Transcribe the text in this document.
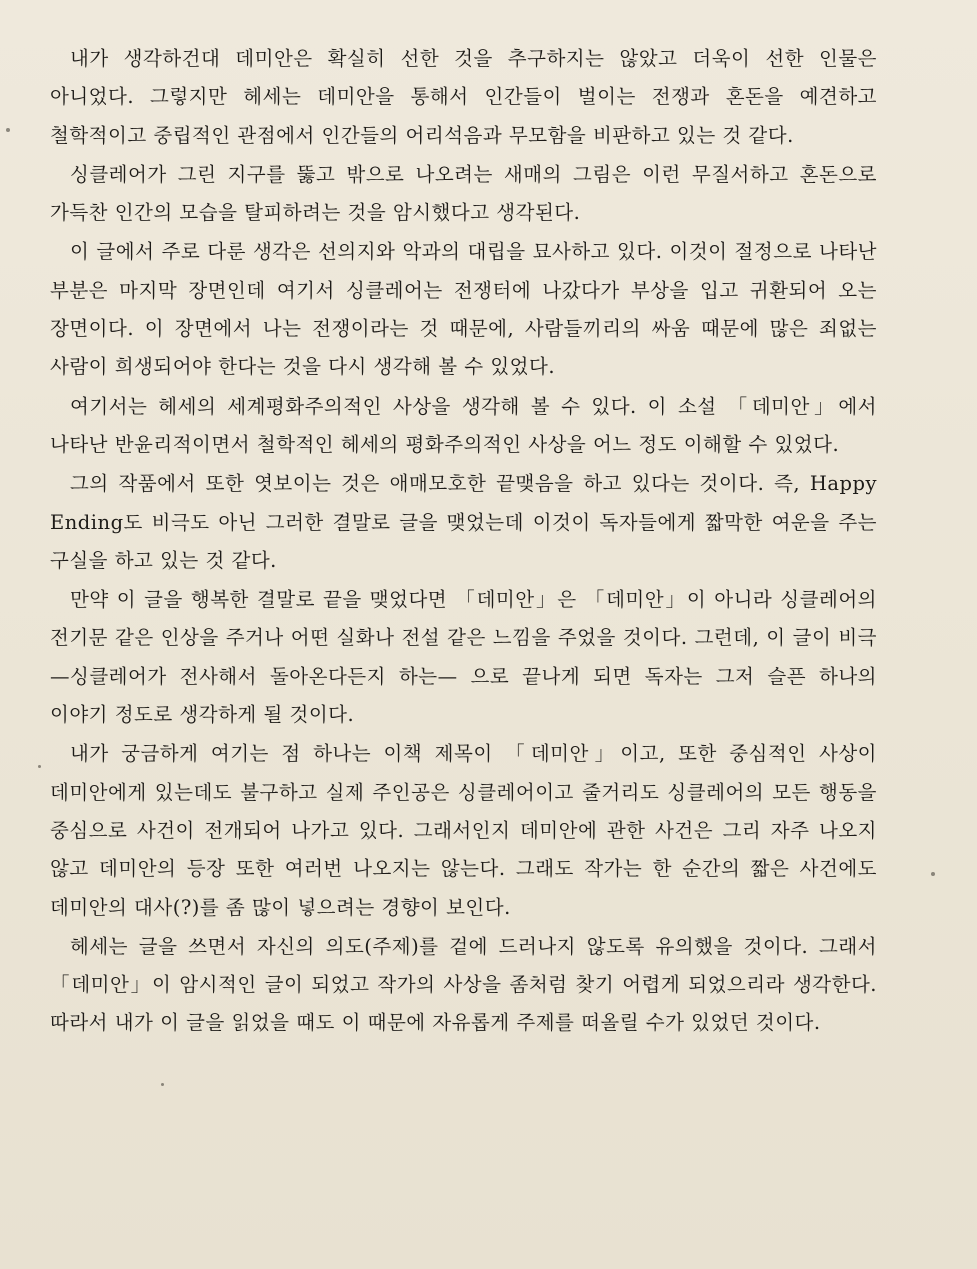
내가 생각하건대 데미안은 확실히 선한 것을 추구하지는 않았고 더욱이 선한 인물은 아니었다. 그렇지만 헤세는 데미안을 통해서 인간들이 벌이는 전쟁과 혼돈을 예견하고 철학적이고 중립적인 관점에서 인간들의 어리석음과 무모함을 비판하고 있는 것 같다.

싱클레어가 그린 지구를 뚫고 밖으로 나오려는 새매의 그림은 이런 무질서하고 혼돈으로 가득찬 인간의 모습을 탈피하려는 것을 암시했다고 생각된다.

이 글에서 주로 다룬 생각은 선의지와 악과의 대립을 묘사하고 있다. 이것이 절정으로 나타난 부분은 마지막 장면인데 여기서 싱클레어는 전쟁터에 나갔다가 부상을 입고 귀환되어 오는 장면이다. 이 장면에서 나는 전쟁이라는 것 때문에, 사람들끼리의 싸움 때문에 많은 죄없는 사람이 희생되어야 한다는 것을 다시 생각해 볼 수 있었다.

여기서는 헤세의 세계평화주의적인 사상을 생각해 볼 수 있다. 이 소설 「데미안」에서 나타난 반윤리적이면서 철학적인 헤세의 평화주의적인 사상을 어느 정도 이해할 수 있었다.

그의 작품에서 또한 엿보이는 것은 애매모호한 끝맺음을 하고 있다는 것이다. 즉, Happy Ending도 비극도 아닌 그러한 결말로 글을 맺었는데 이것이 독자들에게 짧막한 여운을 주는 구실을 하고 있는 것 같다.

만약 이 글을 행복한 결말로 끝을 맺었다면 「데미안」은 「데미안」이 아니라 싱클레어의 전기문 같은 인상을 주거나 어떤 실화나 전설 같은 느낌을 주었을 것이다. 그런데, 이 글이 비극 —싱클레어가 전사해서 돌아온다든지 하는— 으로 끝나게 되면 독자는 그저 슬픈 하나의 이야기 정도로 생각하게 될 것이다.

내가 궁금하게 여기는 점 하나는 이책 제목이 「데미안」이고, 또한 중심적인 사상이 데미안에게 있는데도 불구하고 실제 주인공은 싱클레어이고 줄거리도 싱클레어의 모든 행동을 중심으로 사건이 전개되어 나가고 있다. 그래서인지 데미안에 관한 사건은 그리 자주 나오지 않고 데미안의 등장 또한 여러번 나오지는 않는다. 그래도 작가는 한 순간의 짧은 사건에도 데미안의 대사(?)를 좀 많이 넣으려는 경향이 보인다.

헤세는 글을 쓰면서 자신의 의도(주제)를 겉에 드러나지 않도록 유의했을 것이다. 그래서 「데미안」이 암시적인 글이 되었고 작가의 사상을 좀처럼 찾기 어렵게 되었으리라 생각한다. 따라서 내가 이 글을 읽었을 때도 이 때문에 자유롭게 주제를 떠올릴 수가 있었던 것이다.
